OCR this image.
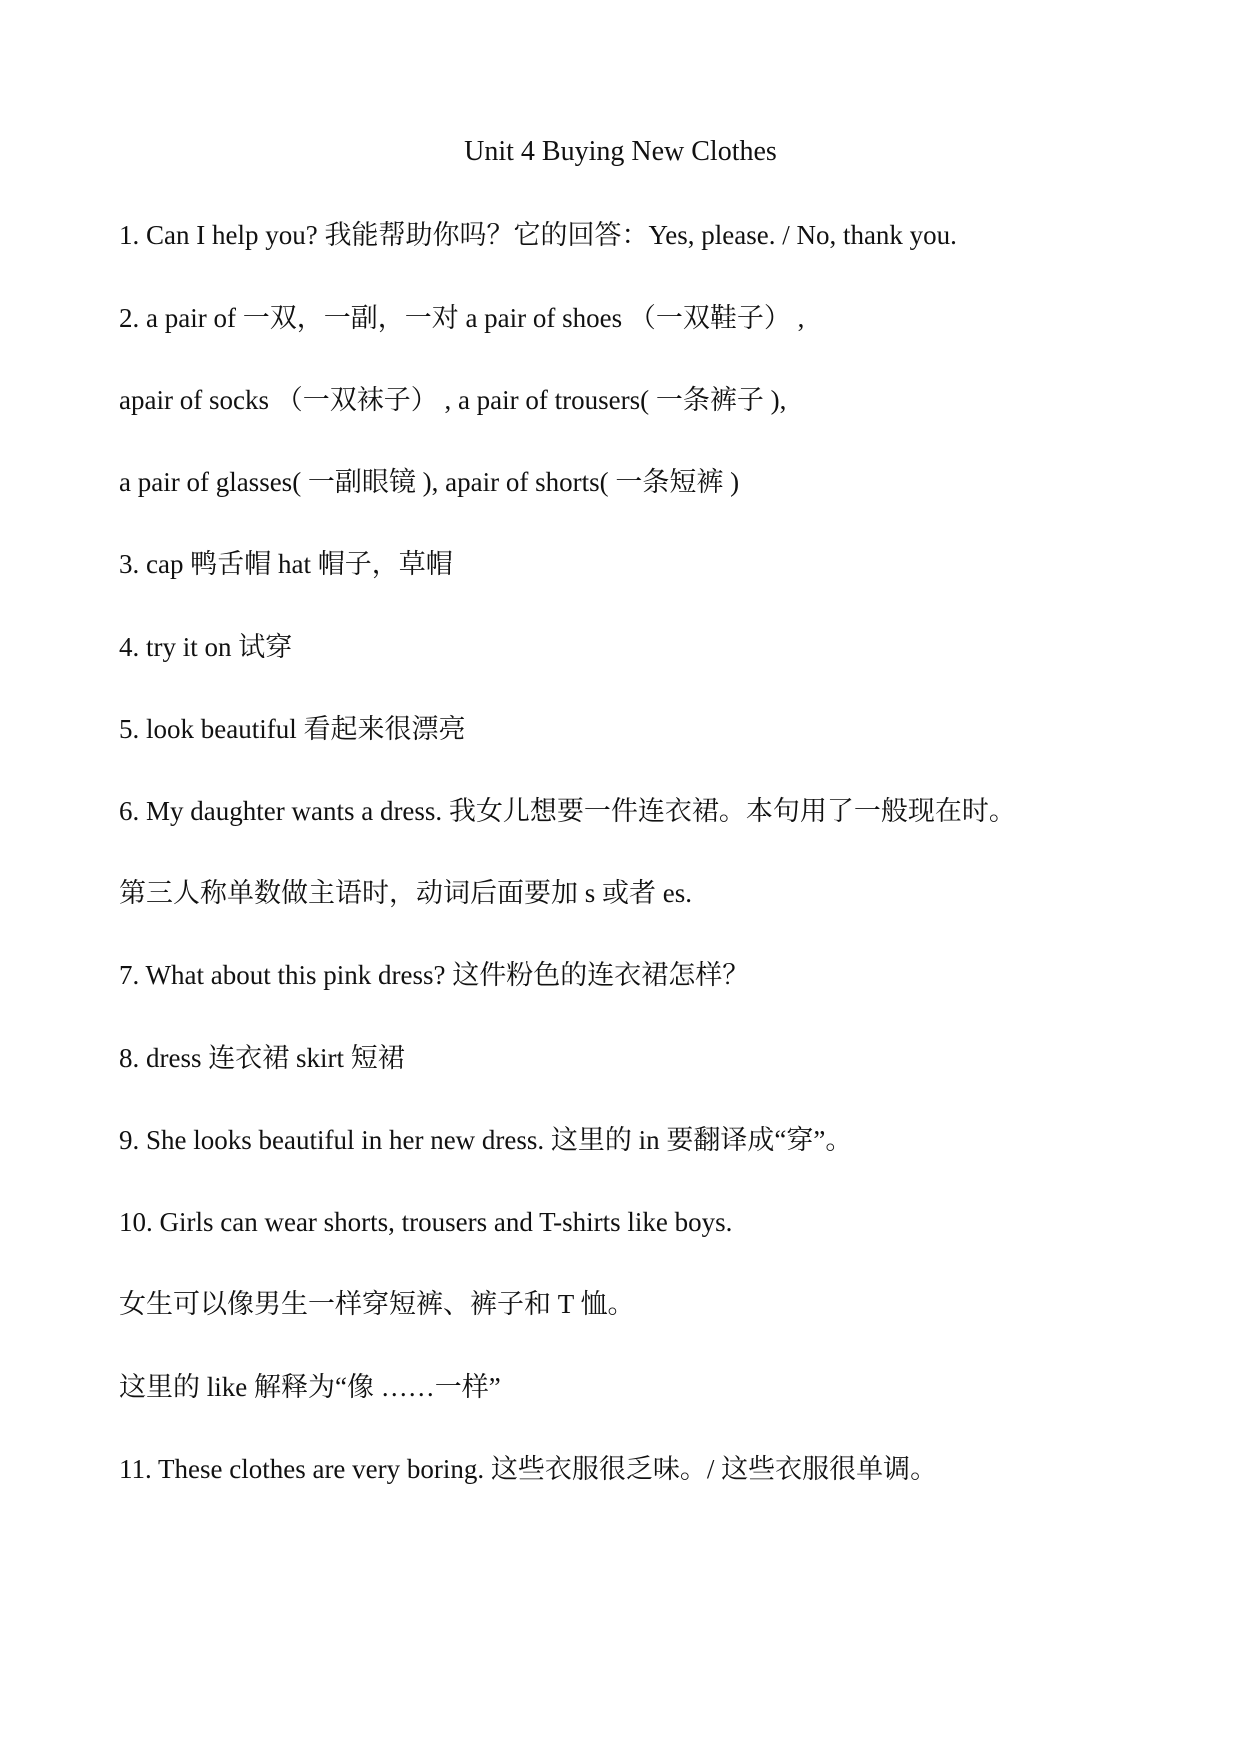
Unit 4 Buying New Clothes
1. Can I help you? 我能帮助你吗？它的回答：Yes, please. / No, thank you.
2. a pair of 一双，一副，一对 a pair of shoes （一双鞋子） ,
apair of socks （一双袜子） , a pair of trousers( 一条裤子 ),
a pair of glasses( 一副眼镜 ), apair of shorts( 一条短裤 )
3. cap 鸭舌帽 hat 帽子，草帽
4. try it on 试穿
5. look beautiful 看起来很漂亮
6. My daughter wants a dress. 我女儿想要一件连衣裙。本句用了一般现在时。
第三人称单数做主语时，动词后面要加 s 或者 es.
7. What about this pink dress? 这件粉色的连衣裙怎样？
8. dress 连衣裙 skirt 短裙
9. She looks beautiful in her new dress. 这里的 in 要翻译成“穿”。
10. Girls can wear shorts, trousers and T-shirts like boys.
女生可以像男生一样穿短裤、裤子和 T 恤。
这里的 like 解释为“像 ……一样”
11. These clothes are very boring. 这些衣服很乏味。/ 这些衣服很单调。
